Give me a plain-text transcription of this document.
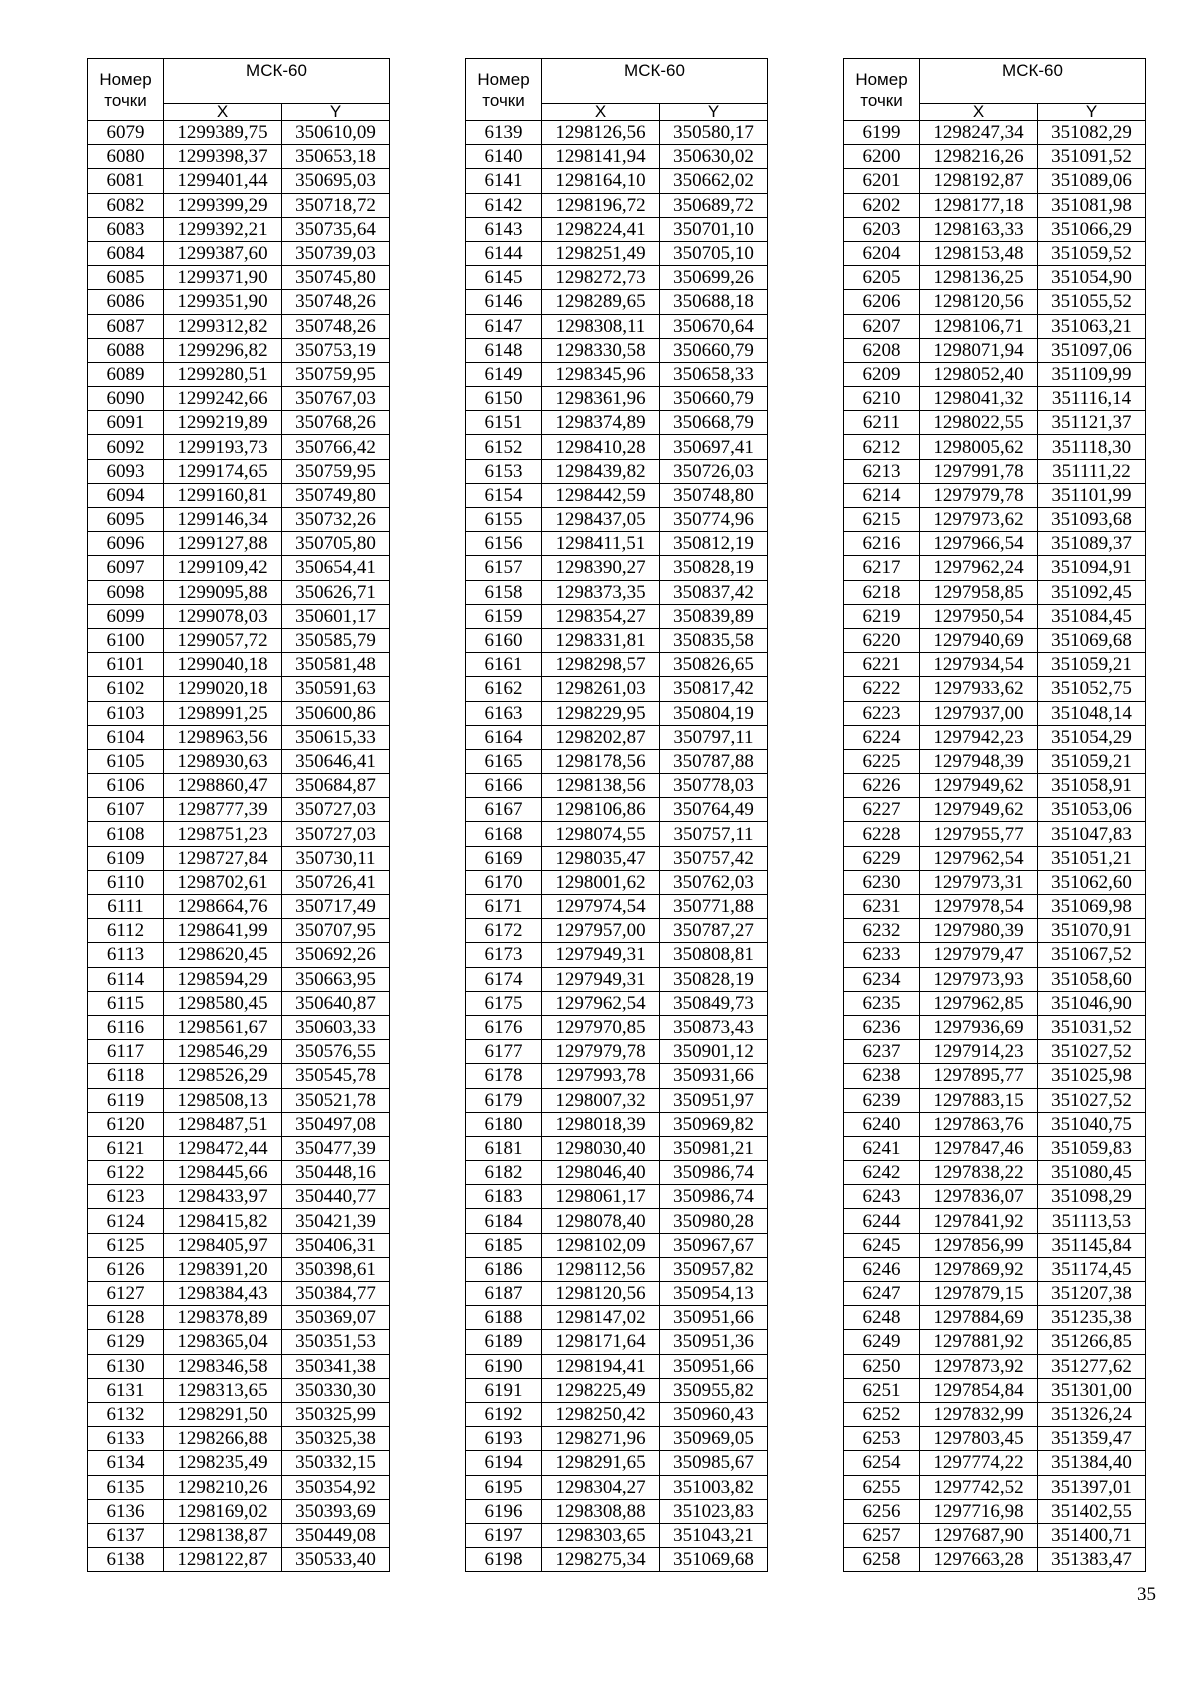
Номер
точки	МСК-60	
	X	Y
6079	1299389,75	350610,09
6080	1299398,37	350653,18
6081	1299401,44	350695,03
6082	1299399,29	350718,72
6083	1299392,21	350735,64
6084	1299387,60	350739,03
6085	1299371,90	350745,80
6086	1299351,90	350748,26
6087	1299312,82	350748,26
6088	1299296,82	350753,19
6089	1299280,51	350759,95
6090	1299242,66	350767,03
6091	1299219,89	350768,26
6092	1299193,73	350766,42
6093	1299174,65	350759,95
6094	1299160,81	350749,80
6095	1299146,34	350732,26
6096	1299127,88	350705,80
6097	1299109,42	350654,41
6098	1299095,88	350626,71
6099	1299078,03	350601,17
6100	1299057,72	350585,79
6101	1299040,18	350581,48
6102	1299020,18	350591,63
6103	1298991,25	350600,86
6104	1298963,56	350615,33
6105	1298930,63	350646,41
6106	1298860,47	350684,87
6107	1298777,39	350727,03
6108	1298751,23	350727,03
6109	1298727,84	350730,11
6110	1298702,61	350726,41
6111	1298664,76	350717,49
6112	1298641,99	350707,95
6113	1298620,45	350692,26
6114	1298594,29	350663,95
6115	1298580,45	350640,87
6116	1298561,67	350603,33
6117	1298546,29	350576,55
6118	1298526,29	350545,78
6119	1298508,13	350521,78
6120	1298487,51	350497,08
6121	1298472,44	350477,39
6122	1298445,66	350448,16
6123	1298433,97	350440,77
6124	1298415,82	350421,39
6125	1298405,97	350406,31
6126	1298391,20	350398,61
6127	1298384,43	350384,77
6128	1298378,89	350369,07
6129	1298365,04	350351,53
6130	1298346,58	350341,38
6131	1298313,65	350330,30
6132	1298291,50	350325,99
6133	1298266,88	350325,38
6134	1298235,49	350332,15
6135	1298210,26	350354,92
6136	1298169,02	350393,69
6137	1298138,87	350449,08
6138	1298122,87	350533,40
Номер
точки	МСК-60	
	X	Y
6139	1298126,56	350580,17
6140	1298141,94	350630,02
6141	1298164,10	350662,02
6142	1298196,72	350689,72
6143	1298224,41	350701,10
6144	1298251,49	350705,10
6145	1298272,73	350699,26
6146	1298289,65	350688,18
6147	1298308,11	350670,64
6148	1298330,58	350660,79
6149	1298345,96	350658,33
6150	1298361,96	350660,79
6151	1298374,89	350668,79
6152	1298410,28	350697,41
6153	1298439,82	350726,03
6154	1298442,59	350748,80
6155	1298437,05	350774,96
6156	1298411,51	350812,19
6157	1298390,27	350828,19
6158	1298373,35	350837,42
6159	1298354,27	350839,89
6160	1298331,81	350835,58
6161	1298298,57	350826,65
6162	1298261,03	350817,42
6163	1298229,95	350804,19
6164	1298202,87	350797,11
6165	1298178,56	350787,88
6166	1298138,56	350778,03
6167	1298106,86	350764,49
6168	1298074,55	350757,11
6169	1298035,47	350757,42
6170	1298001,62	350762,03
6171	1297974,54	350771,88
6172	1297957,00	350787,27
6173	1297949,31	350808,81
6174	1297949,31	350828,19
6175	1297962,54	350849,73
6176	1297970,85	350873,43
6177	1297979,78	350901,12
6178	1297993,78	350931,66
6179	1298007,32	350951,97
6180	1298018,39	350969,82
6181	1298030,40	350981,21
6182	1298046,40	350986,74
6183	1298061,17	350986,74
6184	1298078,40	350980,28
6185	1298102,09	350967,67
6186	1298112,56	350957,82
6187	1298120,56	350954,13
6188	1298147,02	350951,66
6189	1298171,64	350951,36
6190	1298194,41	350951,66
6191	1298225,49	350955,82
6192	1298250,42	350960,43
6193	1298271,96	350969,05
6194	1298291,65	350985,67
6195	1298304,27	351003,82
6196	1298308,88	351023,83
6197	1298303,65	351043,21
6198	1298275,34	351069,68
Номер
точки	МСК-60	
	X	Y
6199	1298247,34	351082,29
6200	1298216,26	351091,52
6201	1298192,87	351089,06
6202	1298177,18	351081,98
6203	1298163,33	351066,29
6204	1298153,48	351059,52
6205	1298136,25	351054,90
6206	1298120,56	351055,52
6207	1298106,71	351063,21
6208	1298071,94	351097,06
6209	1298052,40	351109,99
6210	1298041,32	351116,14
6211	1298022,55	351121,37
6212	1298005,62	351118,30
6213	1297991,78	351111,22
6214	1297979,78	351101,99
6215	1297973,62	351093,68
6216	1297966,54	351089,37
6217	1297962,24	351094,91
6218	1297958,85	351092,45
6219	1297950,54	351084,45
6220	1297940,69	351069,68
6221	1297934,54	351059,21
6222	1297933,62	351052,75
6223	1297937,00	351048,14
6224	1297942,23	351054,29
6225	1297948,39	351059,21
6226	1297949,62	351058,91
6227	1297949,62	351053,06
6228	1297955,77	351047,83
6229	1297962,54	351051,21
6230	1297973,31	351062,60
6231	1297978,54	351069,98
6232	1297980,39	351070,91
6233	1297979,47	351067,52
6234	1297973,93	351058,60
6235	1297962,85	351046,90
6236	1297936,69	351031,52
6237	1297914,23	351027,52
6238	1297895,77	351025,98
6239	1297883,15	351027,52
6240	1297863,76	351040,75
6241	1297847,46	351059,83
6242	1297838,22	351080,45
6243	1297836,07	351098,29
6244	1297841,92	351113,53
6245	1297856,99	351145,84
6246	1297869,92	351174,45
6247	1297879,15	351207,38
6248	1297884,69	351235,38
6249	1297881,92	351266,85
6250	1297873,92	351277,62
6251	1297854,84	351301,00
6252	1297832,99	351326,24
6253	1297803,45	351359,47
6254	1297774,22	351384,40
6255	1297742,52	351397,01
6256	1297716,98	351402,55
6257	1297687,90	351400,71
6258	1297663,28	351383,47
35
